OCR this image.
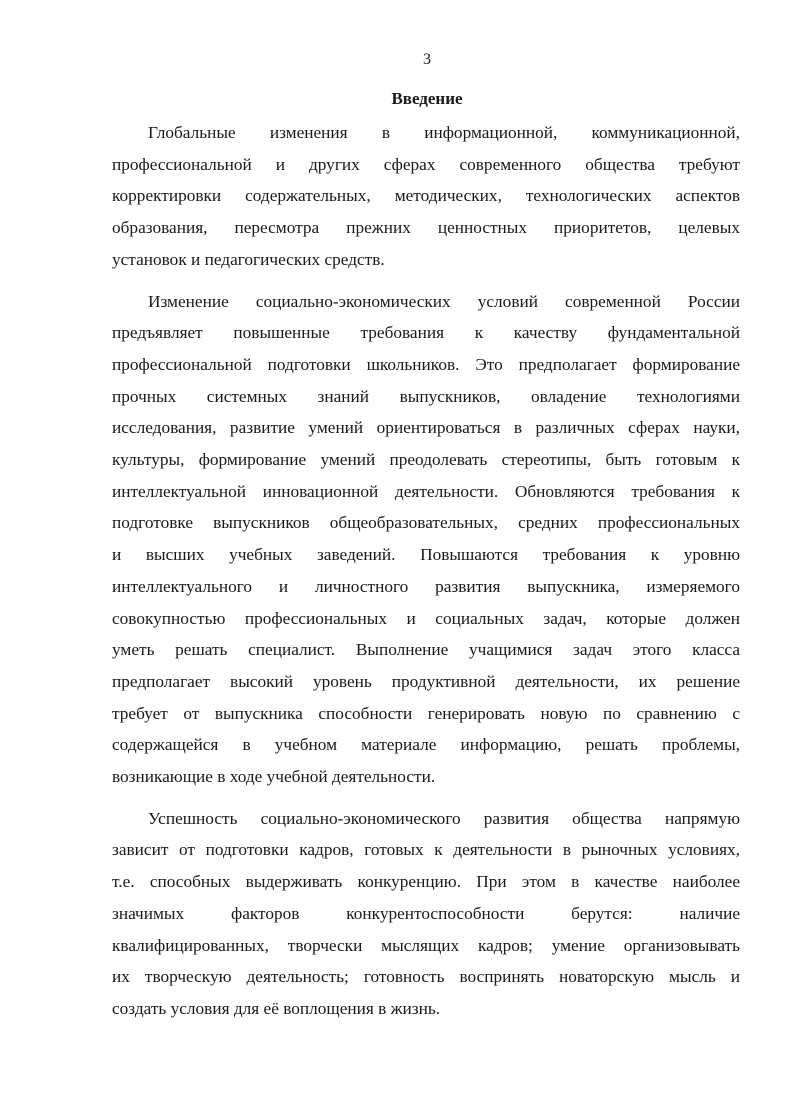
3
Введение

Глобальные изменения в информационной, коммуникационной,
профессиональной и других сферах современного общества требуют
корректировки содержательных, методических, технологических аспектов
образования, пересмотра прежних ценностных приоритетов, целевых
установок и педагогических средств.

Изменение социально-экономических условий современной России
предъявляет повышенные требования к качеству фундаментальной
профессиональной подготовки школьников. Это предполагает формирование
прочных системных знаний выпускников, овладение технологиями
исследования, развитие умений ориентироваться в различных сферах науки,
культуры, формирование умений преодолевать стереотипы, быть готовым к
интеллектуальной инновационной деятельности. Обновляются требования к
подготовке выпускников общеобразовательных, средних профессиональных
и высших учебных заведений. Повышаются требования к уровню
интеллектуального и личностного развития выпускника, измеряемого
совокупностью профессиональных и социальных задач, которые должен
уметь решать специалист. Выполнение учащимися задач этого класса
предполагает высокий уровень продуктивной деятельности, их решение
требует от выпускника способности генерировать новую по сравнению с
содержащейся в учебном материале информацию, решать проблемы,
возникающие в ходе учебной деятельности.

Успешность социально-экономического развития общества напрямую
зависит от подготовки кадров, готовых к деятельности в рыночных условиях,
т.е. способных выдерживать конкуренцию. При этом в качестве наиболее
значимых факторов конкурентоспособности берутся: наличие
квалифицированных, творчески мыслящих кадров; умение организовывать
их творческую деятельность; готовность воспринять новаторскую мысль и
создать условия для её воплощения в жизнь.
